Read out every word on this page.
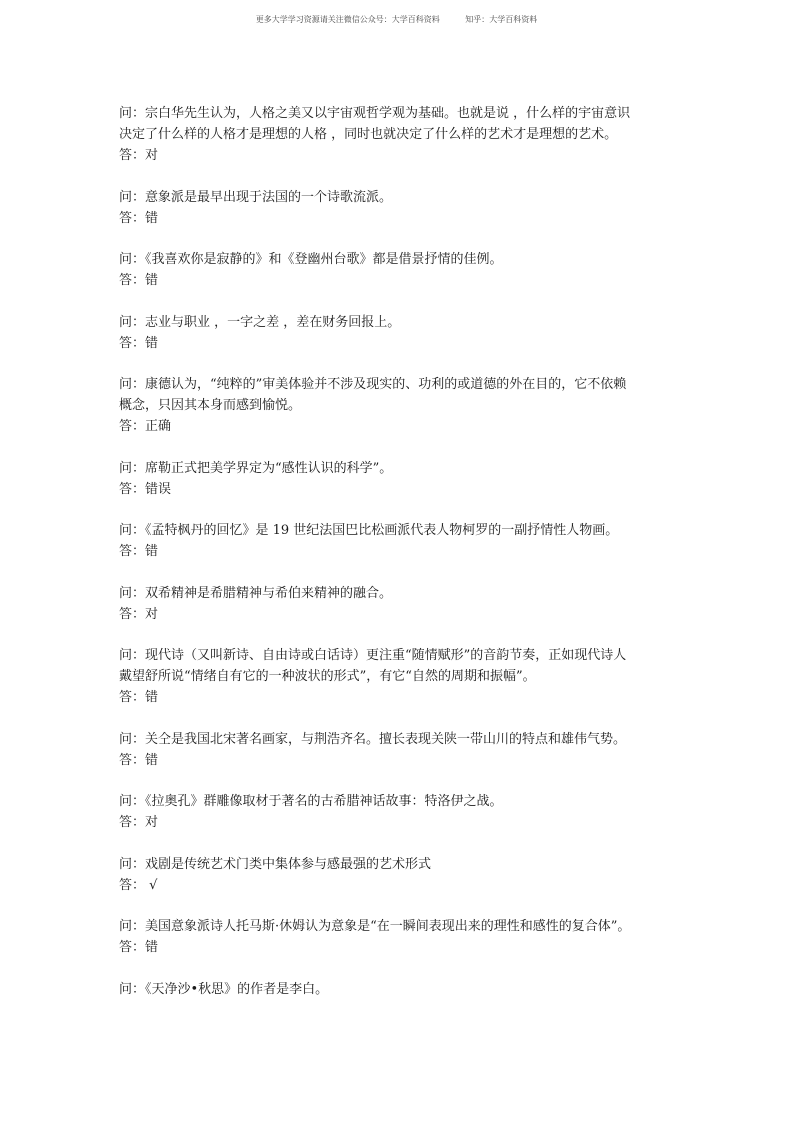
更多大学学习资源请关注微信公众号：大学百科资料	知乎：大学百科资料
问：宗白华先生认为，人格之美又以宇宙观哲学观为基础。也就是说 ，什么样的宇宙意识
决定了什么样的人格才是理想的人格 ，同时也就决定了什么样的艺术才是理想的艺术。
答：对
问：意象派是最早出现于法国的一个诗歌流派。
答：错
问：《我喜欢你是寂静的》和《登幽州台歌》都是借景抒情的佳例。
答：错
问：志业与职业 ，一字之差 ，差在财务回报上。
答：错
问：康德认为，“纯粹的”审美体验并不涉及现实的、功利的或道德的外在目的，它不依赖
概念，只因其本身而感到愉悦。
答：正确
问：席勒正式把美学界定为“感性认识的科学”。
答：错误
问：《孟特枫丹的回忆》是 19 世纪法国巴比松画派代表人物柯罗的一副抒情性人物画。
答：错
问：双希精神是希腊精神与希伯来精神的融合。
答：对
问：现代诗（又叫新诗、自由诗或白话诗）更注重“随情赋形”的音韵节奏，正如现代诗人
戴望舒所说“情绪自有它的一种波状的形式”，有它“自然的周期和振幅”。
答：错
问：关仝是我国北宋著名画家，与荆浩齐名。擅长表现关陕一带山川的特点和雄伟气势。
答：错
问：《拉奥孔》群雕像取材于著名的古希腊神话故事：特洛伊之战。
答：对
问：戏剧是传统艺术门类中集体参与感最强的艺术形式
答： √
问：美国意象派诗人托马斯·休姆认为意象是“在一瞬间表现出来的理性和感性的复合体”。
答：错
问：《天净沙•秋思》的作者是李白。
